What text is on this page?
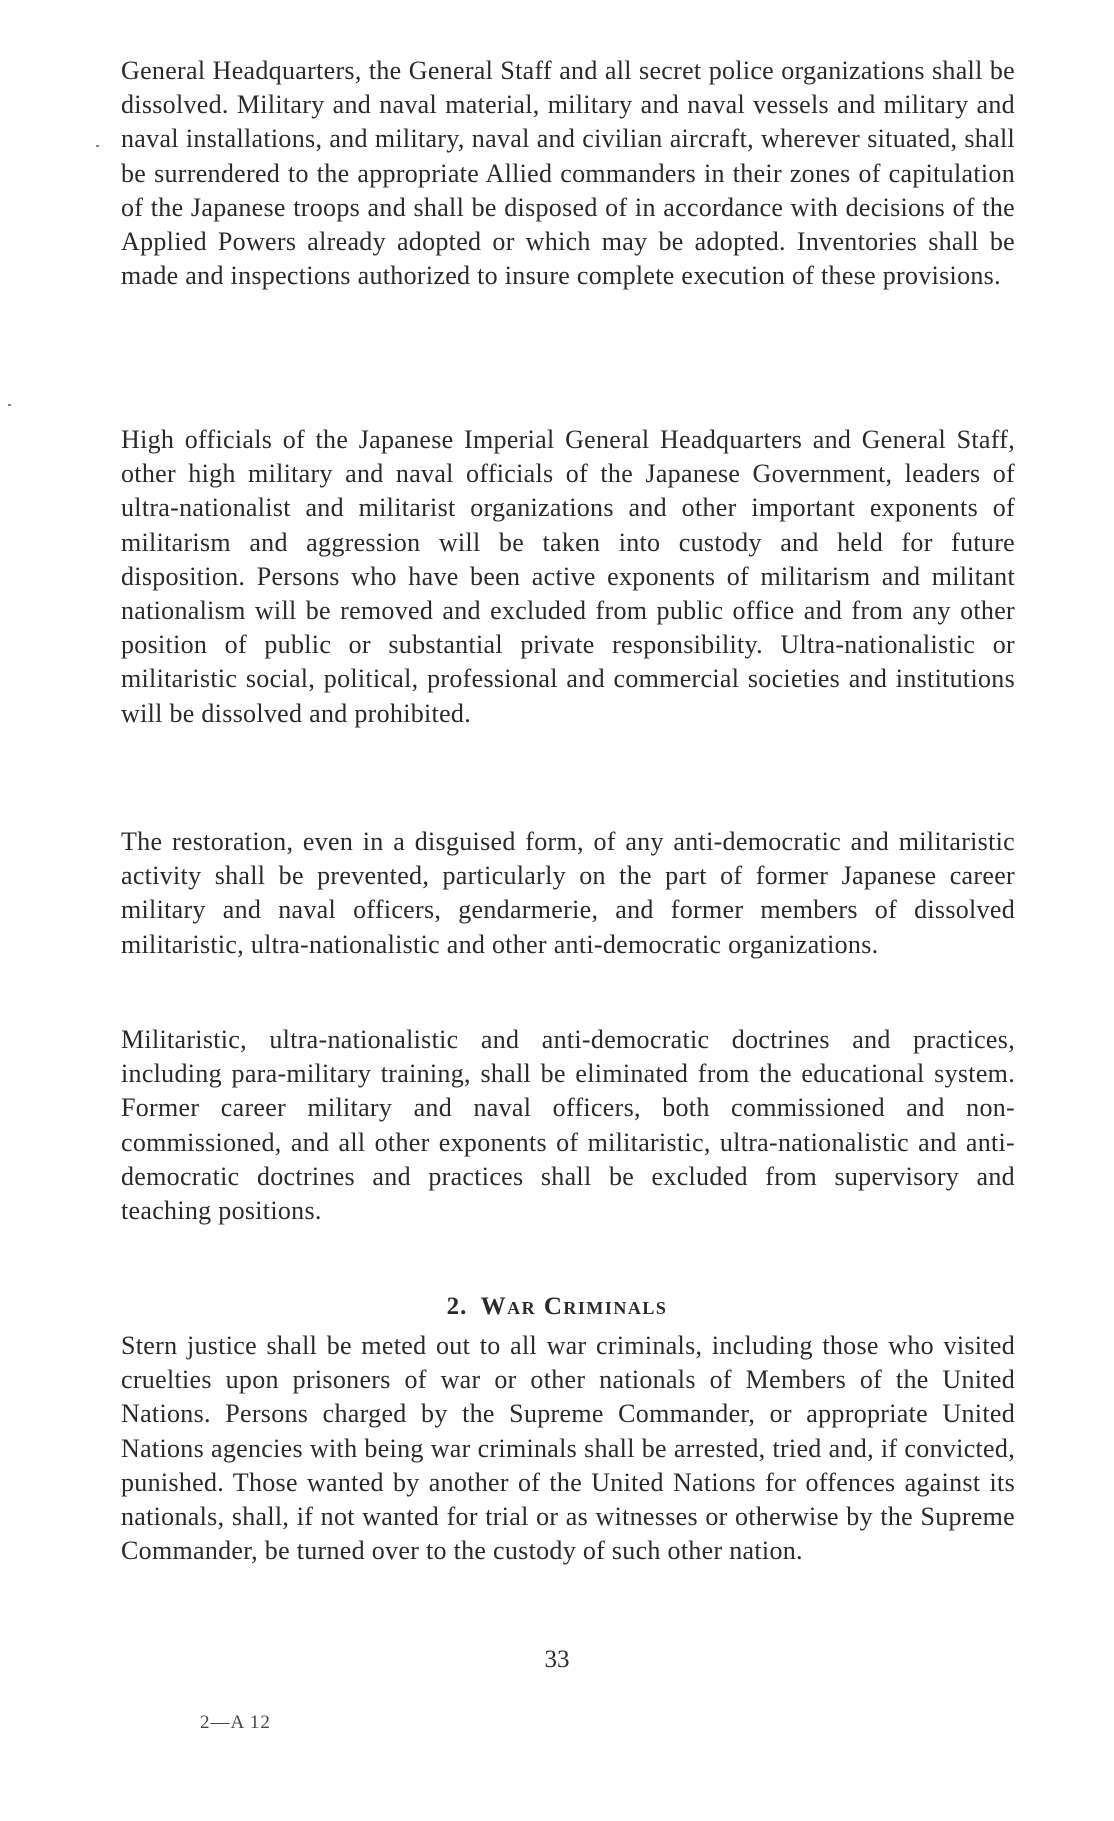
General Headquarters, the General Staff and all secret police organizations shall be dissolved. Military and naval material, military and naval vessels and military and naval installations, and military, naval and civilian aircraft, wherever situated, shall be surrendered to the appropriate Allied commanders in their zones of capitulation of the Japanese troops and shall be disposed of in accordance with decisions of the Applied Powers already adopted or which may be adopted. Inventories shall be made and inspections authorized to insure complete execution of these provisions.

High officials of the Japanese Imperial General Headquarters and General Staff, other high military and naval officials of the Japanese Government, leaders of ultra-nationalist and militarist organizations and other important exponents of militarism and aggression will be taken into custody and held for future disposition. Persons who have been active exponents of militarism and militant nationalism will be removed and excluded from public office and from any other position of public or substantial private responsibility. Ultra-nationalistic or militaristic social, political, professional and commercial societies and institutions will be dissolved and prohibited.

The restoration, even in a disguised form, of any anti-democratic and militaristic activity shall be prevented, particularly on the part of former Japanese career military and naval officers, gendarmerie, and former members of dissolved militaristic, ultra-nationalistic and other anti-democratic organizations.

Militaristic, ultra-nationalistic and anti-democratic doctrines and practices, including para-military training, shall be eliminated from the educational system. Former career military and naval officers, both commissioned and non-commissioned, and all other exponents of militaristic, ultra-nationalistic and anti-democratic doctrines and practices shall be excluded from supervisory and teaching positions.

2. War Criminals

Stern justice shall be meted out to all war criminals, including those who visited cruelties upon prisoners of war or other nationals of Members of the United Nations. Persons charged by the Supreme Commander, or appropriate United Nations agencies with being war criminals shall be arrested, tried and, if convicted, punished. Those wanted by another of the United Nations for offences against its nationals, shall, if not wanted for trial or as witnesses or otherwise by the Supreme Commander, be turned over to the custody of such other nation.

33

2—A 12
